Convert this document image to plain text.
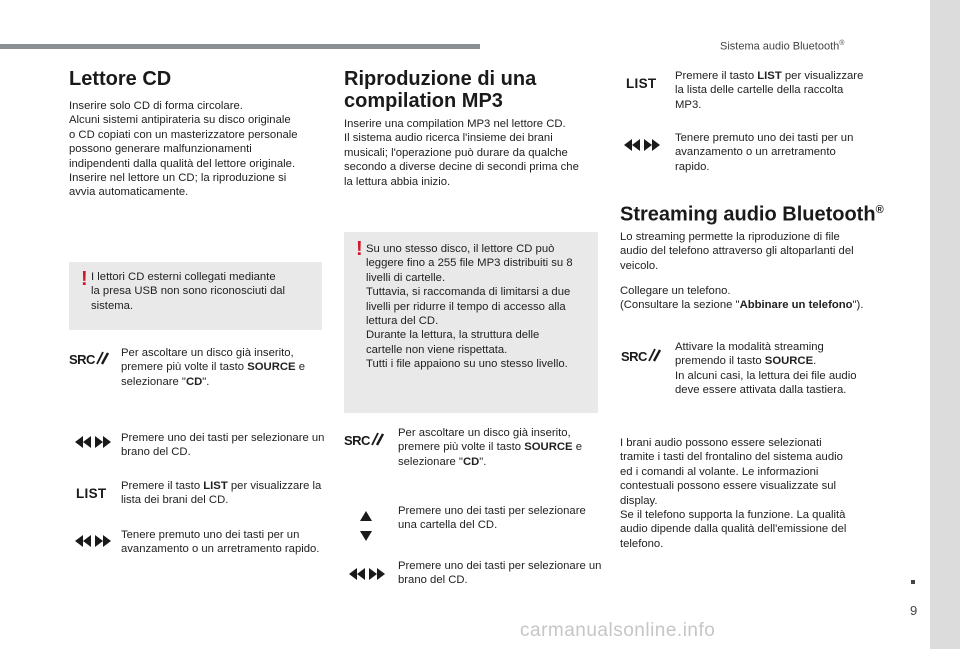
Sistema audio Bluetooth®
Lettore CD
Inserire solo CD di forma circolare.
Alcuni sistemi antipirateria su disco originale
o CD copiati con un masterizzatore personale
possono generare malfunzionamenti
indipendenti dalla qualità del lettore originale.
Inserire nel lettore un CD; la riproduzione si
avvia automaticamente.
! I lettori CD esterni collegati mediante
la presa USB non sono riconosciuti dal
sistema.
SRC	Per ascoltare un disco già inserito, premere più volte il tasto SOURCE e selezionare "CD".
Premere uno dei tasti per selezionare un brano del CD.
LIST Premere il tasto LIST per visualizzare la lista dei brani del CD.
Tenere premuto uno dei tasti per un avanzamento o un arretramento rapido.
Riproduzione di una compilation MP3
Inserire una compilation MP3 nel lettore CD.
Il sistema audio ricerca l'insieme dei brani
musicali; l'operazione può durare da qualche
secondo a diverse decine di secondi prima che
la lettura abbia inizio.
! Su uno stesso disco, il lettore CD può
leggere fino a 255 file MP3 distribuiti su 8
livelli di cartelle.
Tuttavia, si raccomanda di limitarsi a due
livelli per ridurre il tempo di accesso alla
lettura del CD.
Durante la lettura, la struttura delle
cartelle non viene rispettata.
Tutti i file appaiono su uno stesso livello.
SRC	Per ascoltare un disco già inserito, premere più volte il tasto SOURCE e selezionare "CD".
Premere uno dei tasti per selezionare una cartella del CD.
Premere uno dei tasti per selezionare un brano del CD.
LIST Premere il tasto LIST per visualizzare la lista delle cartelle della raccolta MP3.
Tenere premuto uno dei tasti per un avanzamento o un arretramento rapido.
Streaming audio Bluetooth®
Lo streaming permette la riproduzione di file
audio del telefono attraverso gli altoparlanti del
veicolo.
Collegare un telefono.
(Consultare la sezione "Abbinare un telefono").
SRC
Attivare la modalità streaming premendo il tasto SOURCE.
In alcuni casi, la lettura dei file audio deve essere attivata dalla tastiera.
I brani audio possono essere selezionati
tramite i tasti del frontalino del sistema audio
ed i comandi al volante. Le informazioni
contestuali possono essere visualizzate sul
display.
Se il telefono supporta la funzione. La qualità
audio dipende dalla qualità dell'emissione del
telefono.
9
carmanualsonline.info
